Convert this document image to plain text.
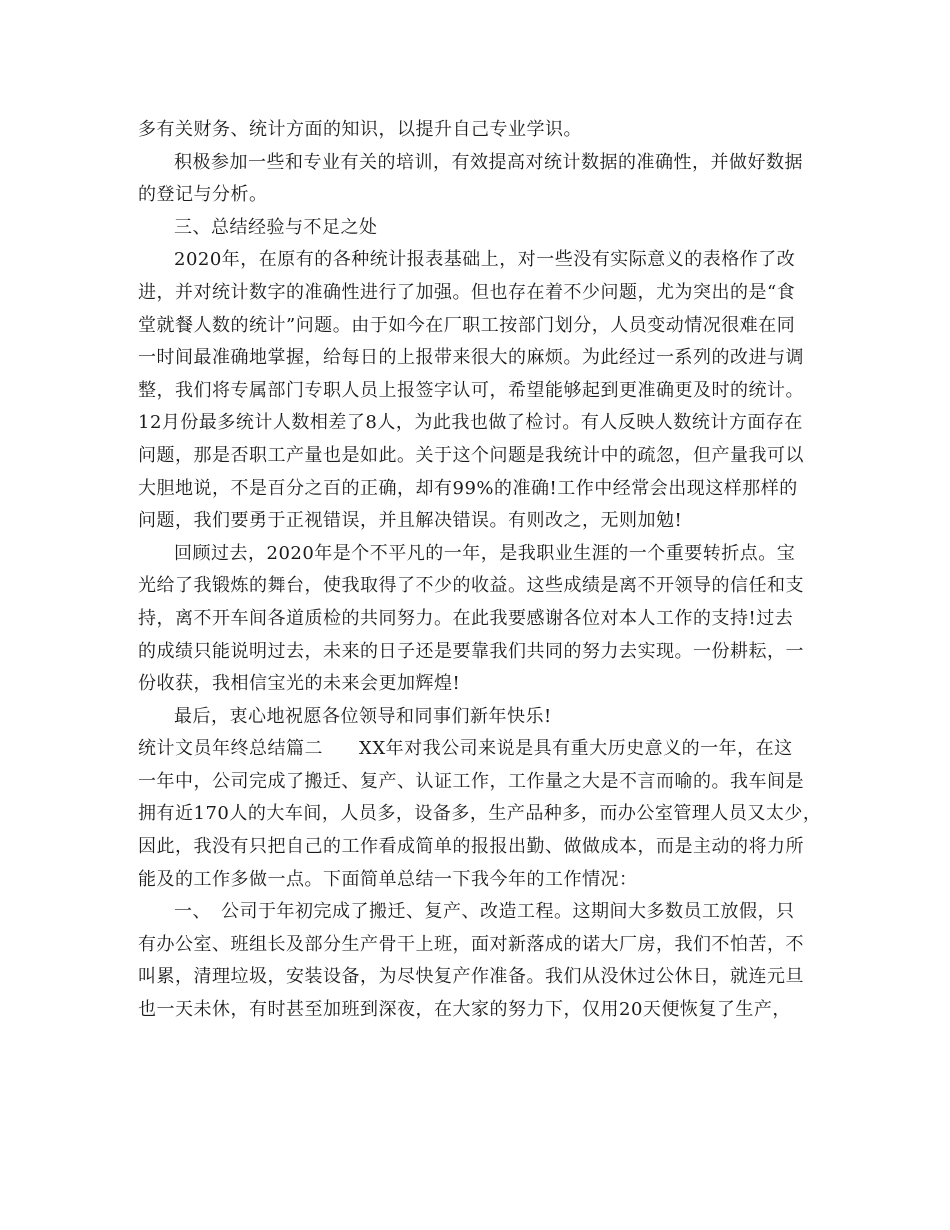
多有关财务、统计方面的知识，以提升自己专业学识。
积极参加一些和专业有关的培训，有效提高对统计数据的准确性，并做好数据
的登记与分析。
三、总结经验与不足之处
2020年，在原有的各种统计报表基础上，对一些没有实际意义的表格作了改
进，并对统计数字的准确性进行了加强。但也存在着不少问题，尤为突出的是“食
堂就餐人数的统计”问题。由于如今在厂职工按部门划分，人员变动情况很难在同
一时间最准确地掌握，给每日的上报带来很大的麻烦。为此经过一系列的改进与调
整，我们将专属部门专职人员上报签字认可，希望能够起到更准确更及时的统计。
12月份最多统计人数相差了8人，为此我也做了检讨。有人反映人数统计方面存在
问题，那是否职工产量也是如此。关于这个问题是我统计中的疏忽，但产量我可以
大胆地说，不是百分之百的正确，却有99%的准确!工作中经常会出现这样那样的
问题，我们要勇于正视错误，并且解决错误。有则改之，无则加勉!
回顾过去，2020年是个不平凡的一年，是我职业生涯的一个重要转折点。宝
光给了我锻炼的舞台，使我取得了不少的收益。这些成绩是离不开领导的信任和支
持，离不开车间各道质检的共同努力。在此我要感谢各位对本人工作的支持!过去
的成绩只能说明过去，未来的日子还是要靠我们共同的努力去实现。一份耕耘，一
份收获，我相信宝光的未来会更加辉煌!
最后，衷心地祝愿各位领导和同事们新年快乐!
统计文员年终总结篇二 XX年对我公司来说是具有重大历史意义的一年，在这
一年中，公司完成了搬迁、复产、认证工作，工作量之大是不言而喻的。我车间是
拥有近170人的大车间，人员多，设备多，生产品种多，而办公室管理人员又太少，
因此，我没有只把自己的工作看成简单的报报出勤、做做成本，而是主动的将力所
能及的工作多做一点。下面简单总结一下我今年的工作情况：
一、 公司于年初完成了搬迁、复产、改造工程。这期间大多数员工放假，只
有办公室、班组长及部分生产骨干上班，面对新落成的诺大厂房，我们不怕苦，不
叫累，清理垃圾，安装设备，为尽快复产作准备。我们从没休过公休日，就连元旦
也一天未休，有时甚至加班到深夜，在大家的努力下，仅用20天便恢复了生产，
